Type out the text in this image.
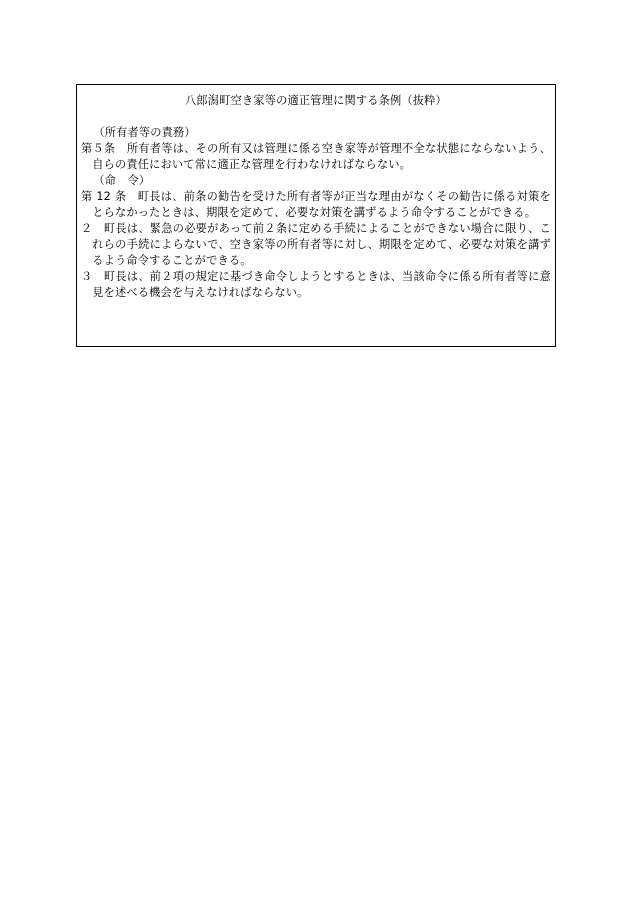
八郎潟町空き家等の適正管理に関する条例（抜粋）

（所有者等の責務）

第５条　所有者等は、その所有又は管理に係る空き家等が管理不全な状態にならないよう、自らの責任において常に適正な管理を行わなければならない。

（命　令）

第 12 条　町長は、前条の勧告を受けた所有者等が正当な理由がなくその勧告に係る対策をとらなかったときは、期限を定めて、必要な対策を講ずるよう命令することができる。

２　町長は、緊急の必要があって前２条に定める手続によることができない場合に限り、これらの手続によらないで、空き家等の所有者等に対し、期限を定めて、必要な対策を講ずるよう命令することができる。

３　町長は、前２項の規定に基づき命令しようとするときは、当該命令に係る所有者等に意見を述べる機会を与えなければならない。
